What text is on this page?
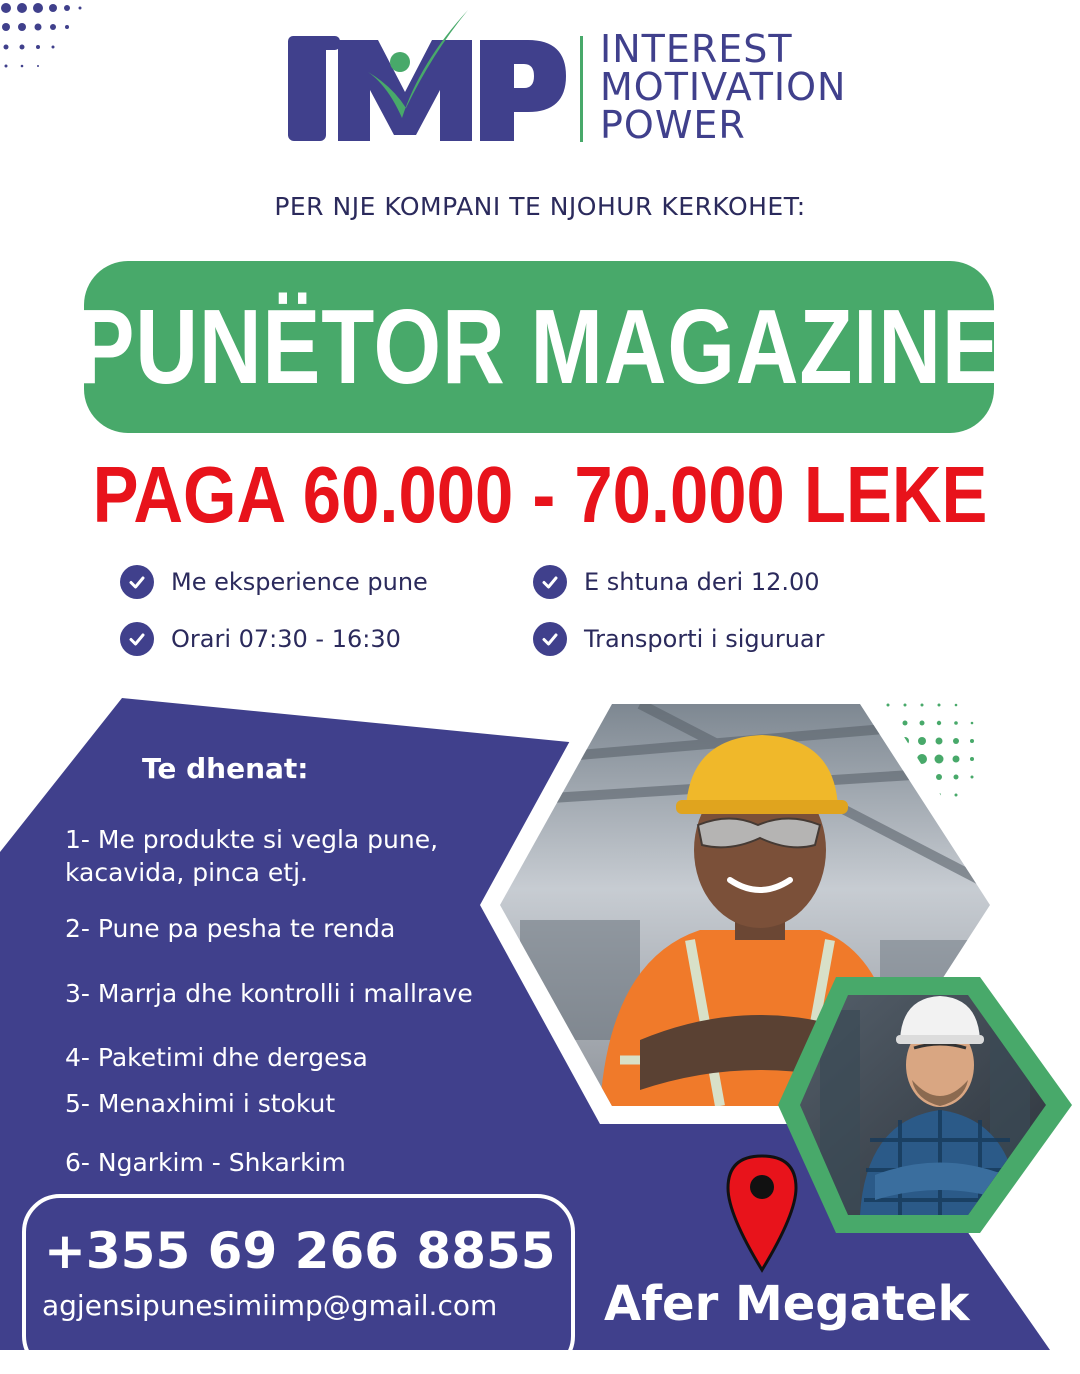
INTEREST
MOTIVATION
POWER
PER NJE KOMPANI TE NJOHUR KERKOHET:
PUNËTOR MAGAZINE
PAGA 60.000 - 70.000 LEKE
Me eksperience pune	E shtuna deri 12.00
Orari 07:30 - 16:30	Transporti i siguruar
Te dhenat:
1- Me produkte si vegla pune,
kacavida, pinca etj.
2- Pune pa pesha te renda
3- Marrja dhe kontrolli i mallrave
4- Paketimi dhe dergesa
5- Menaxhimi i stokut
6- Ngarkim - Shkarkim
+355 69 266 8855
agjensipunesimiimp@gmail.com Afer Megatek
